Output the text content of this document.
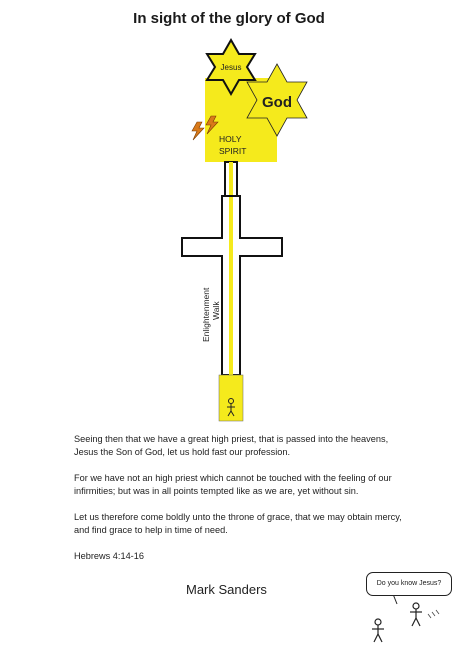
In sight of the glory of God
God
Jesus
HOLY
SPIRIT
Enlightenment Walk
Seeing then that we have a great high priest, that is passed into the heavens, Jesus the Son of God, let us hold fast our profession.
For we have not an high priest which cannot be touched with the feeling of our infirmities; but was in all points tempted like as we are, yet without sin.
Let us therefore come boldly unto the throne of grace, that we may obtain mercy, and find grace to help in time of need.
Hebrews 4:14-16
Mark Sanders	Do you know Jesus?
